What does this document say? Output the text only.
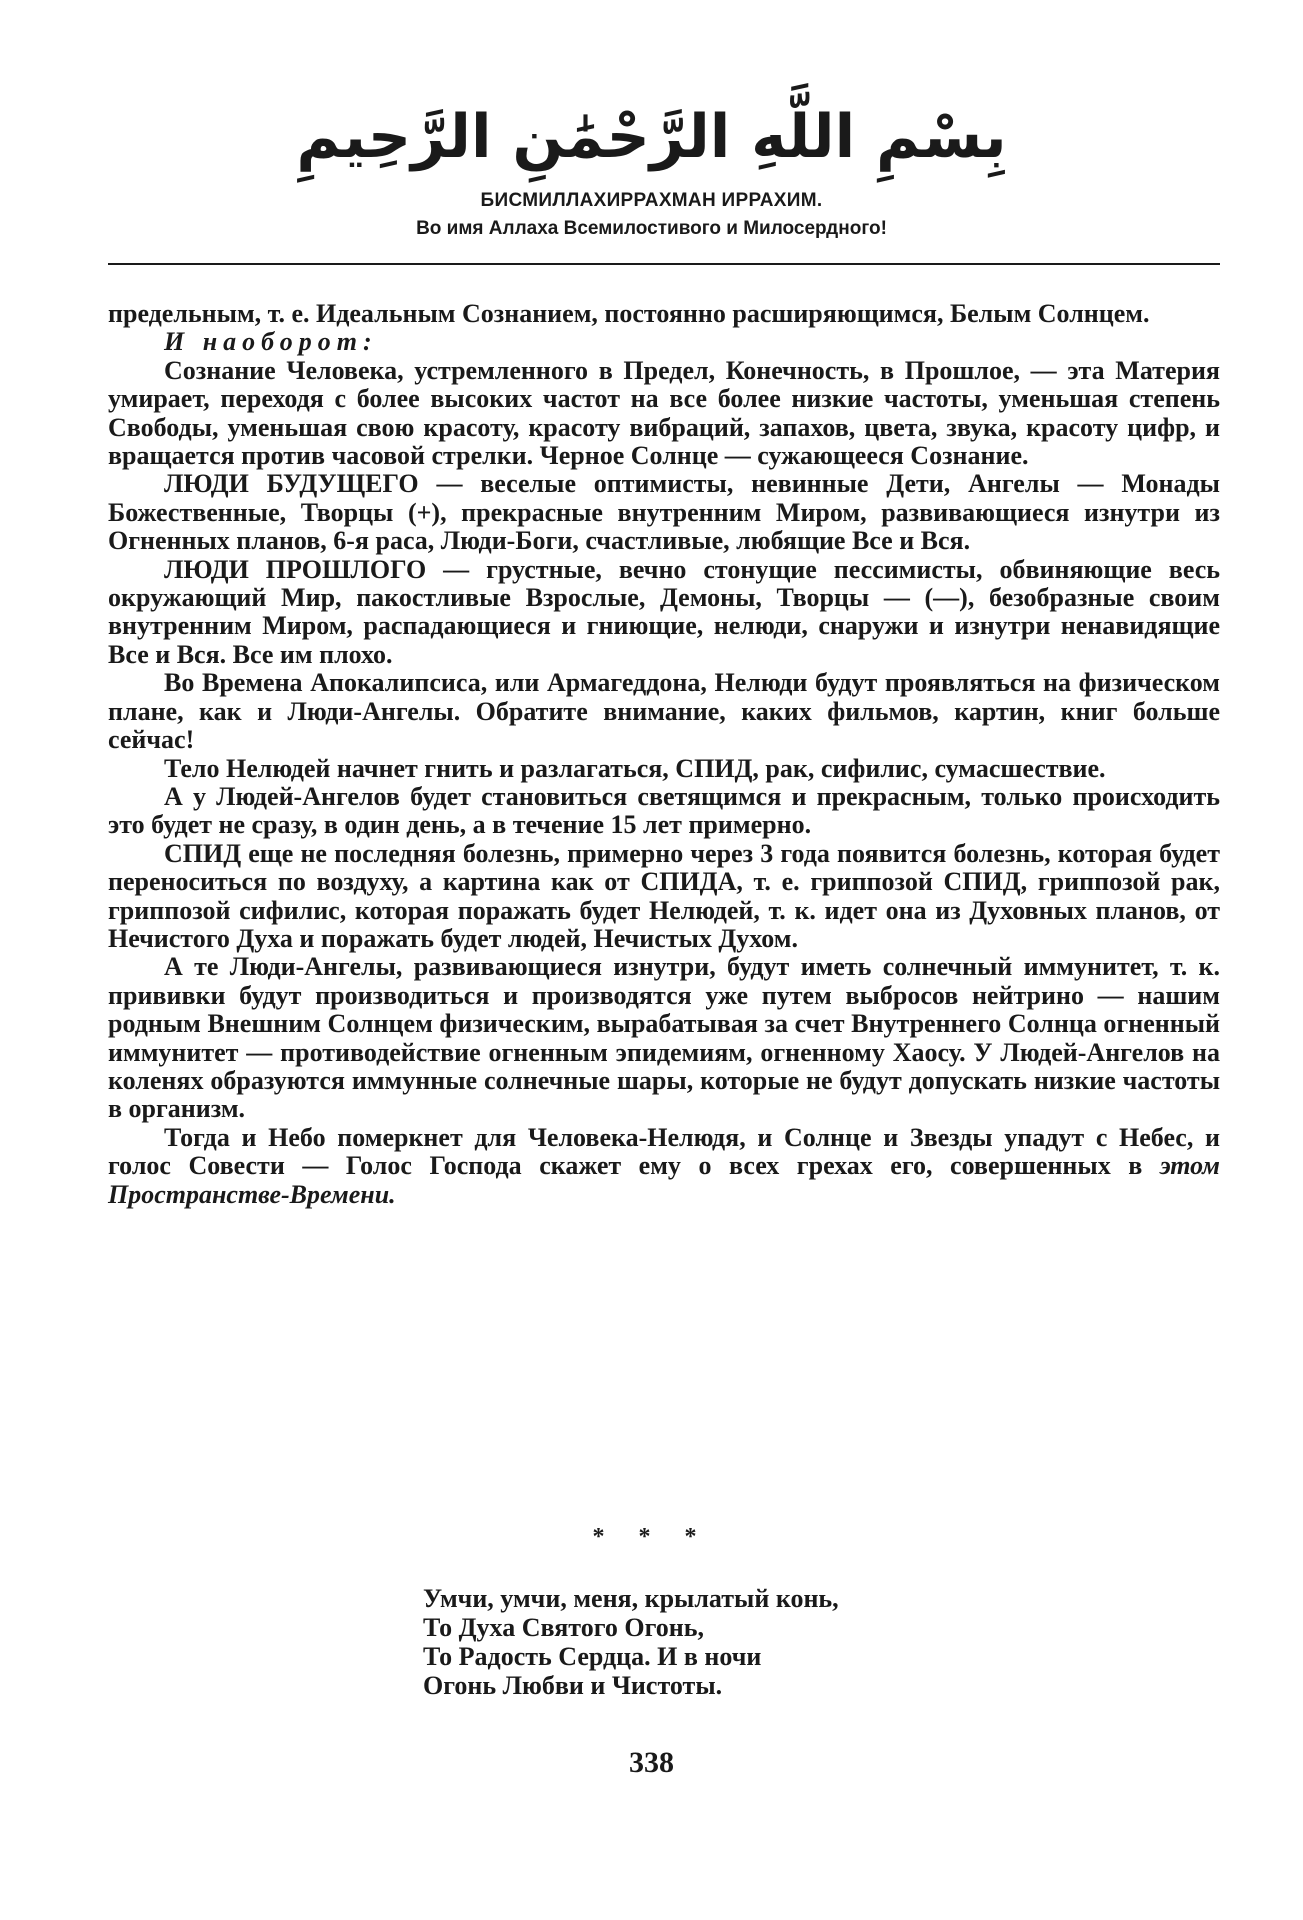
بِسْمِ اللَّهِ الرَّحْمَٰنِ الرَّحِيمِ
БИСМИЛЛАХИРРАХМАН ИРРАХИМ.
Во имя Аллаха Всемилостивого и Милосердного!

предельным, т. е. Идеальным Сознанием, постоянно расширяющимся, Белым Солнцем.

И наоборот:

Сознание Человека, устремленного в Предел, Конечность, в Прошлое, — эта Материя умирает, переходя с более высоких частот на все более низкие частоты, уменьшая степень Свободы, уменьшая свою красоту, красоту вибраций, запахов, цвета, звука, красоту цифр, и вращается против часовой стрелки. Черное Солнце — сужающееся Сознание.

ЛЮДИ БУДУЩЕГО — веселые оптимисты, невинные Дети, Ангелы — Монады Божественные, Творцы (+), прекрасные внутренним Миром, развивающиеся изнутри из Огненных планов, 6-я раса, Люди-Боги, счастливые, любящие Все и Вся.

ЛЮДИ ПРОШЛОГО — грустные, вечно стонущие пессимисты, обвиняющие весь окружающий Мир, пакостливые Взрослые, Демоны, Творцы — (—), безобразные своим внутренним Миром, распадающиеся и гниющие, нелюди, снаружи и изнутри ненавидящие Все и Вся. Все им плохо.

Во Времена Апокалипсиса, или Армагеддона, Нелюди будут проявляться на физическом плане, как и Люди-Ангелы. Обратите внимание, каких фильмов, картин, книг больше сейчас!

Тело Нелюдей начнет гнить и разлагаться, СПИД, рак, сифилис, сумасшествие.

А у Людей-Ангелов будет становиться светящимся и прекрасным, только происходить это будет не сразу, в один день, а в течение 15 лет примерно.

СПИД еще не последняя болезнь, примерно через 3 года появится болезнь, которая будет переноситься по воздуху, а картина как от СПИДА, т. е. гриппозой СПИД, гриппозой рак, гриппозой сифилис, которая поражать будет Нелюдей, т. к. идет она из Духовных планов, от Нечистого Духа и поражать будет людей, Нечистых Духом.

А те Люди-Ангелы, развивающиеся изнутри, будут иметь солнечный иммунитет, т. к. прививки будут производиться и производятся уже путем выбросов нейтрино — нашим родным Внешним Солнцем физическим, вырабатывая за счет Внутреннего Солнца огненный иммунитет — противодействие огненным эпидемиям, огненному Хаосу. У Людей-Ангелов на коленях образуются иммунные солнечные шары, которые не будут допускать низкие частоты в организм.

Тогда и Небо померкнет для Человека-Нелюдя, и Солнце и Звезды упадут с Небес, и голос Совести — Голос Господа скажет ему о всех грехах его, совершенных в этом Пространстве-Времени.

* * *
Умчи, умчи, меня, крылатый конь,
То Духа Святого Огонь,
То Радость Сердца. И в ночи
Огонь Любви и Чистоты.
338
